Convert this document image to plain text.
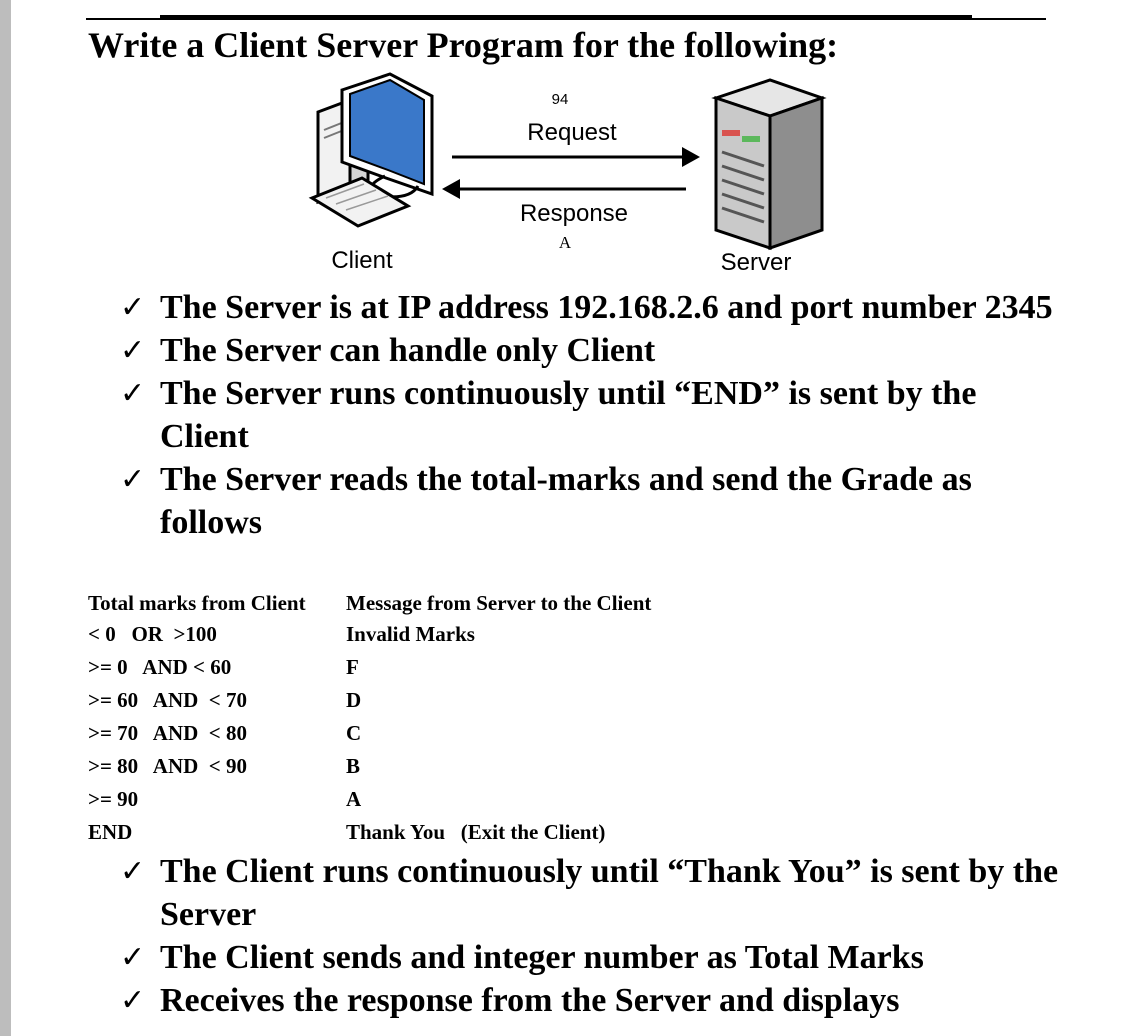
Write a Client Server Program for the following:
94
Request
Response
A
Client	Server
✓ The Server is at IP address 192.168.2.6 and port number 2345
✓ The Server can handle only Client
✓ The Server runs continuously until “END” is sent by the Client
✓ The Server reads the total-marks and send the Grade as follows
Total marks from Client	Message from Server to the Client
< 0   OR  >100	Invalid Marks
>= 0   AND < 60	F
>= 60   AND  < 70	D
>= 70   AND  < 80	C
>= 80   AND  < 90	B
>= 90	A
END	Thank You   (Exit the Client)
✓ The Client runs continuously until “Thank You” is sent by the Server
✓ The Client sends and integer number as Total Marks
✓ Receives the response from the Server and displays
